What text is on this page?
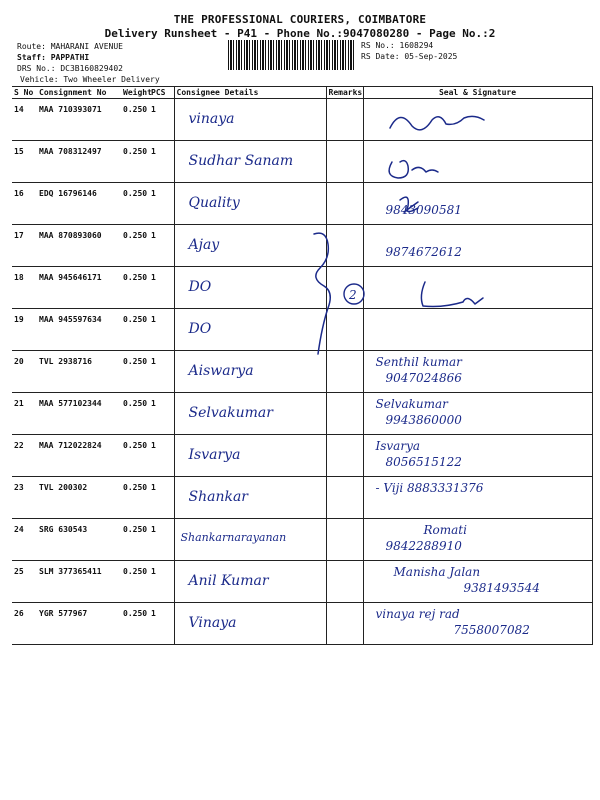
THE PROFESSIONAL COURIERS, COIMBATORE
Delivery Runsheet - P41 - Phone No.:9047080280 - Page No.:2
Route: MAHARANI AVENUE
Staff: PAPPATHI
DRS No.: DC3B160829402
Vehicle: Two Wheeler Delivery
RS No.: 1608294
RS Date: 05-Sep-2025
S No	Consignment No	Weight	PCS	Consignee Details	Remarks	Seal & Signature
14	MAA 710393071	0.250	1	vinaya		

15	MAA 708312497	0.250	1	Sudhar Sanam		

16	EDQ 16796146	0.250	1	Quality		9843090581

17	MAA 870893060	0.250	1	Ajay		9874672612

18	MAA 945646171	0.250	1	DO		

19	MAA 945597634	0.250	1	DO		

20	TVL 2938716	0.250	1	Aiswarya		Senthil kumar
9047024866

21	MAA 577102344	0.250	1	Selvakumar		Selvakumar
9943860000

22	MAA 712022824	0.250	1	Isvarya		Isvarya
8056515122

23	TVL 200302	0.250	1	Shankar		- Viji 8883331376

24	SRG 630543	0.250	1	Shankarnarayanan		Romati
9842288910

25	SLM 377365411	0.250	1	Anil Kumar		Manisha Jalan
9381493544

26	YGR 577967	0.250	1	Vinaya		vinaya rej rad
7558007082
2
